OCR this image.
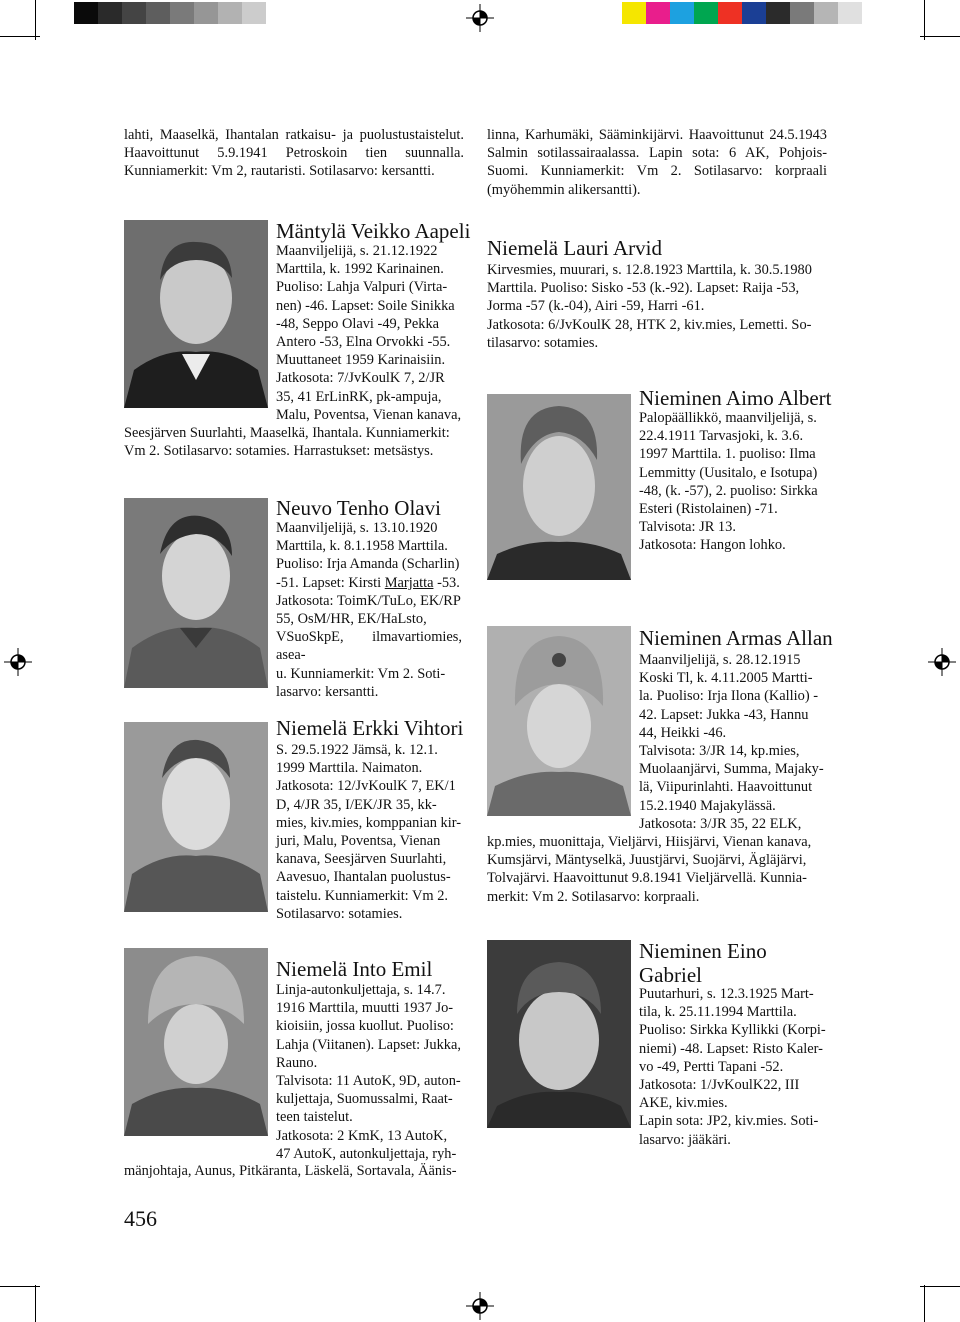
lahti, Maaselkä, Ihantalan ratkaisu- ja puolustustaistelut. Haavoittunut 5.9.1941 Petroskoin tien suunnalla. Kunniamerkit: Vm 2, rautaristi. Sotilasarvo: kersantti.
Mäntylä Veikko Aapeli
Maanviljelijä, s. 21.12.1922
Marttila, k. 1992 Karinainen.
Puoliso: Lahja Valpuri (Virta-
nen) -46. Lapset: Soile Sinikka
-48, Seppo Olavi -49, Pekka
Antero -53, Elna Orvokki -55.
Muuttaneet 1959 Karinaisiin.
Jatkosota: 7/JvKoulK 7, 2/JR
35, 41 ErLinRK, pk-ampuja,
Malu, Poventsa, Vienan kanava,
Seesjärven Suurlahti, Maaselkä, Ihantala. Kunniamerkit:
Vm 2. Sotilasarvo: sotamies. Harrastukset: metsästys.
Neuvo Tenho Olavi
Maanviljelijä, s. 13.10.1920
Marttila, k. 8.1.1958 Marttila.
Puoliso: Irja Amanda (Scharlin)
-51. Lapset: Kirsti Marjatta -53.
Jatkosota: ToimK/TuLo, EK/RP
55, OsM/HR, EK/HaLsto,
VSuoSkpE, ilmavartiomies, asea-
u. Kunniamerkit: Vm 2. Soti-
lasarvo: kersantti.
Niemelä Erkki Vihtori
S. 29.5.1922 Jämsä, k. 12.1.
1999 Marttila. Naimaton.
Jatkosota: 12/JvKoulK 7, EK/1
D, 4/JR 35, I/EK/JR 35, kk-
mies, kiv.mies, komppanian kir-
juri, Malu, Poventsa, Vienan
kanava, Seesjärven Suurlahti,
Aavesuo, Ihantalan puolustus-
taistelu. Kunniamerkit: Vm 2.
Sotilasarvo: sotamies.
Niemelä Into Emil
Linja-autonkuljettaja, s. 14.7.
1916 Marttila, muutti 1937 Jo-
kioisiin, jossa kuollut. Puoliso:
Lahja (Viitanen). Lapset: Jukka,
Rauno.
Talvisota: 11 AutoK, 9D, auton-
kuljettaja, Suomussalmi, Raat-
teen taistelut.
Jatkosota: 2 KmK, 13 AutoK,
47 AutoK, autonkuljettaja, ryh-
mänjohtaja, Aunus, Pitkäranta, Läskelä, Sortavala, Äänis-
456
linna, Karhumäki, Sääminkijärvi. Haavoittunut 24.5.1943 Salmin sotilassairaalassa. Lapin sota: 6 AK, Pohjois-Suomi. Kunniamerkit: Vm 2. Sotilasarvo: korpraali (myöhemmin alikersantti).
Niemelä Lauri Arvid
Kirvesmies, muurari, s. 12.8.1923 Marttila, k. 30.5.1980
Marttila. Puoliso: Sisko -53 (k.-92). Lapset: Raija -53,
Jorma -57 (k.-04), Airi -59, Harri -61.
Jatkosota: 6/JvKoulK 28, HTK 2, kiv.mies, Lemetti. So-
tilasarvo: sotamies.
Nieminen Aimo Albert
Palopäällikkö, maanviljelijä, s.
22.4.1911 Tarvasjoki, k. 3.6.
1997 Marttila. 1. puoliso: Ilma
Lemmitty (Uusitalo, e Isotupa)
-48, (k. -57), 2. puoliso: Sirkka
Esteri (Ristolainen) -71.
Talvisota: JR 13.
Jatkosota: Hangon lohko.
Nieminen Armas Allan
Maanviljelijä, s. 28.12.1915
Koski Tl, k. 4.11.2005 Martti-
la. Puoliso: Irja Ilona (Kallio) -
42. Lapset: Jukka -43, Hannu
44, Heikki -46.
Talvisota: 3/JR 14, kp.mies,
Muolaanjärvi, Summa, Majaky-
lä, Viipurinlahti. Haavoittunut
15.2.1940 Majakylässä.
Jatkosota: 3/JR 35, 22 ELK,
kp.mies, muonittaja, Vieljärvi, Hiisjärvi, Vienan kanava,
Kumsjärvi, Mäntyselkä, Juustjärvi, Suojärvi, Ägläjärvi,
Tolvajärvi. Haavoittunut 9.8.1941 Vieljärvellä. Kunnia-
merkit: Vm 2. Sotilasarvo: korpraali.
Nieminen Eino
Gabriel
Puutarhuri, s. 12.3.1925 Mart-
tila, k. 25.11.1994 Marttila.
Puoliso: Sirkka Kyllikki (Korpi-
niemi) -48. Lapset: Risto Kaler-
vo -49, Pertti Tapani -52.
Jatkosota: 1/JvKoulK22, III
AKE, kiv.mies.
Lapin sota: JP2, kiv.mies. Soti-
lasarvo: jääkäri.
